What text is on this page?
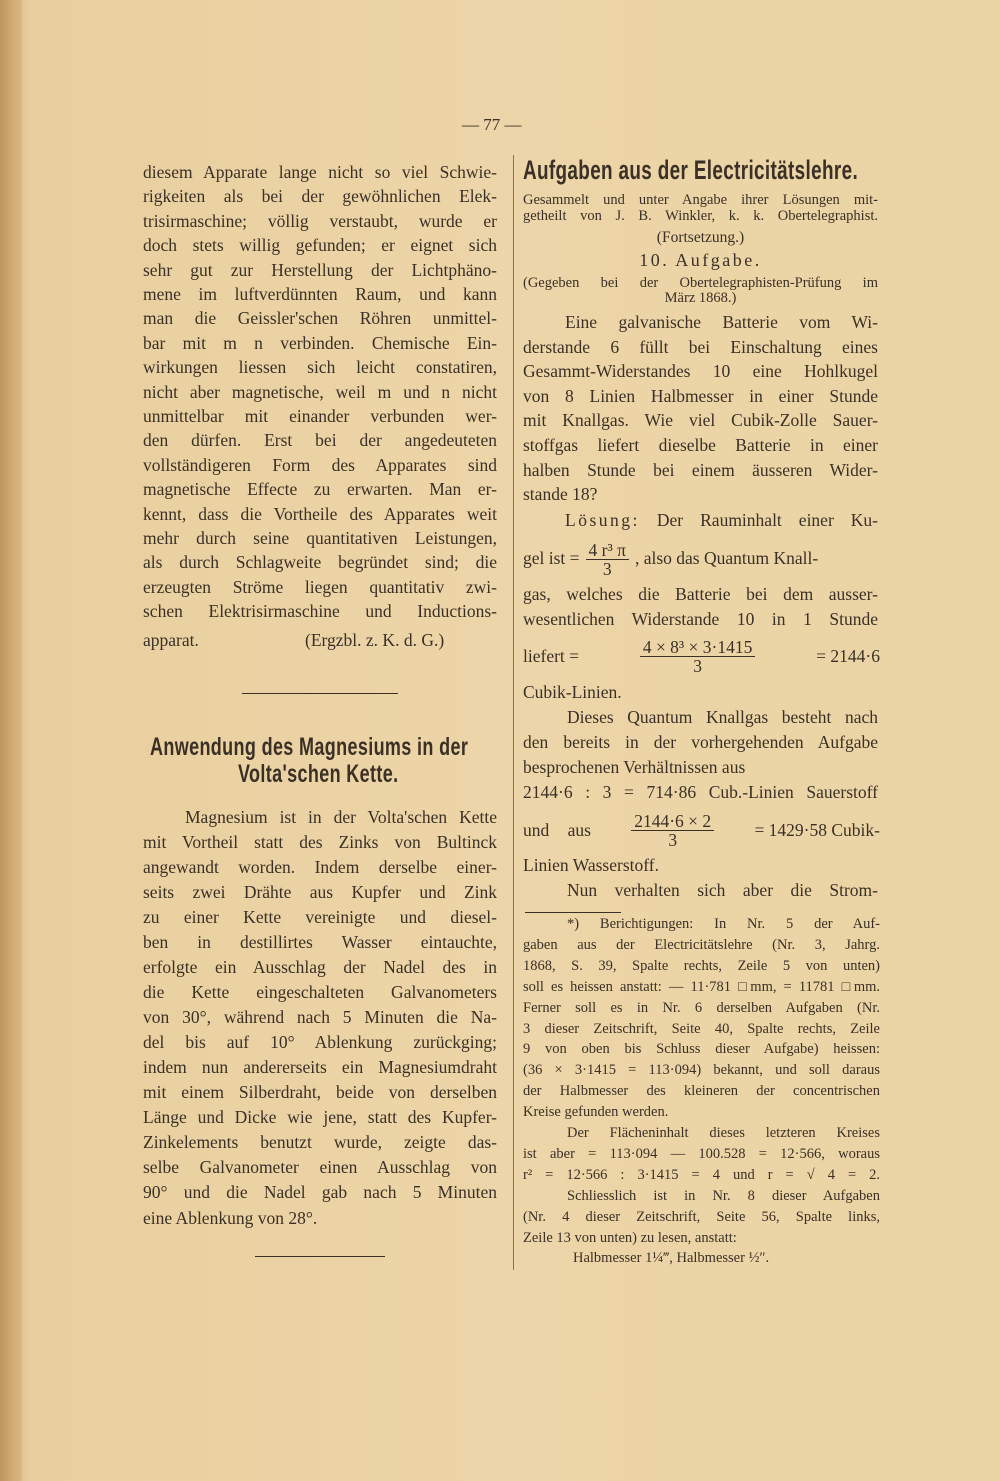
— 77 —
diesem Apparate lange nicht so viel Schwie-
rigkeiten als bei der gewöhnlichen Elek-
trisirmaschine; völlig verstaubt, wurde er
doch stets willig gefunden; er eignet sich
sehr gut zur Herstellung der Lichtphäno-
mene im luftverdünnten Raum, und kann
man die Geissler'schen Röhren unmittel-
bar mit m n verbinden. Chemische Ein-
wirkungen liessen sich leicht constatiren,
nicht aber magnetische, weil m und n nicht
unmittelbar mit einander verbunden wer-
den dürfen. Erst bei der angedeuteten
vollständigeren Form des Apparates sind
magnetische Effecte zu erwarten. Man er-
kennt, dass die Vortheile des Apparates weit
mehr durch seine quantitativen Leistungen,
als durch Schlagweite begründet sind; die
erzeugten Ströme liegen quantitativ zwi-
schen Elektrisirmaschine und Inductions-
apparat.	(Ergzbl. z. K. d. G.)
Anwendung des Magnesiums in der
Volta'schen Kette.
Magnesium ist in der Volta'schen Kette
mit Vortheil statt des Zinks von Bultinck
angewandt worden. Indem derselbe einer-
seits zwei Drähte aus Kupfer und Zink
zu einer Kette vereinigte und diesel-
ben in destillirtes Wasser eintauchte,
erfolgte ein Ausschlag der Nadel des in
die Kette eingeschalteten Galvanometers
von 30°, während nach 5 Minuten die Na-
del bis auf 10° Ablenkung zurückging;
indem nun andererseits ein Magnesiumdraht
mit einem Silberdraht, beide von derselben
Länge und Dicke wie jene, statt des Kupfer-
Zinkelements benutzt wurde, zeigte das-
selbe Galvanometer einen Ausschlag von
90° und die Nadel gab nach 5 Minuten
eine Ablenkung von 28°.
Aufgaben aus der Electricitätslehre.
Gesammelt und unter Angabe ihrer Lösungen mit-
getheilt von J. B. Winkler, k. k. Obertelegraphist.
(Fortsetzung.)
10. Aufgabe.
(Gegeben bei der Obertelegraphisten-Prüfung im
März 1868.)
Eine galvanische Batterie vom Wi-
derstande 6 füllt bei Einschaltung eines
Gesammt-Widerstandes 10 eine Hohlkugel
von 8 Linien Halbmesser in einer Stunde
mit Knallgas. Wie viel Cubik-Zolle Sauer-
stoffgas liefert dieselbe Batterie in einer
halben Stunde bei einem äusseren Wider-
stande 18?
Lösung: Der Rauminhalt einer Ku-
gel ist = $\frac{\text{4 r³ π}}{3}$ , also das Quantum Knall-
gas, welches die Batterie bei dem ausser-
wesentlichen Widerstande 10 in 1 Stunde
liefert =	$\frac{\text{4 × 8³ × 3·1415}}{3}$	= 2144·6
Cubik-Linien.
Dieses Quantum Knallgas besteht nach
den bereits in der vorhergehenden Aufgabe
besprochenen Verhältnissen aus
2144·6 : 3 = 714·86 Cub.-Linien Sauerstoff
und aus $\frac{2144\cdot 6 \times 2}{3} = 1429\cdot 58$ Cubik-
Linien Wasserstoff.
Nun verhalten sich aber die Strom-
*) Berichtigungen: In Nr. 5 der Auf-
gaben aus der Electricitätslehre (Nr. 3, Jahrg.
1868, S. 39, Spalte rechts, Zeile 5 von unten)
soll es heissen anstatt: — 11·781 □mm, = 11781 □mm.
Ferner soll es in Nr. 6 derselben Aufgaben (Nr.
3 dieser Zeitschrift, Seite 40, Spalte rechts, Zeile
9 von oben bis Schluss dieser Aufgabe) heissen:
(36 × 3·1415 = 113·094) bekannt, und soll daraus
der Halbmesser des kleineren der concentrischen
Kreise gefunden werden.
Der Flächeninhalt dieses letzteren Kreises
ist aber = 113·094 — 100.528 = 12·566, woraus
r² = 12·566 : 3·1415 = 4 und r = √ 4 = 2.
Schliesslich ist in Nr. 8 dieser Aufgaben
(Nr. 4 dieser Zeitschrift, Seite 56, Spalte links,
Zeile 13 von unten) zu lesen, anstatt:
Halbmesser 1¼‴, Halbmesser ½″.
